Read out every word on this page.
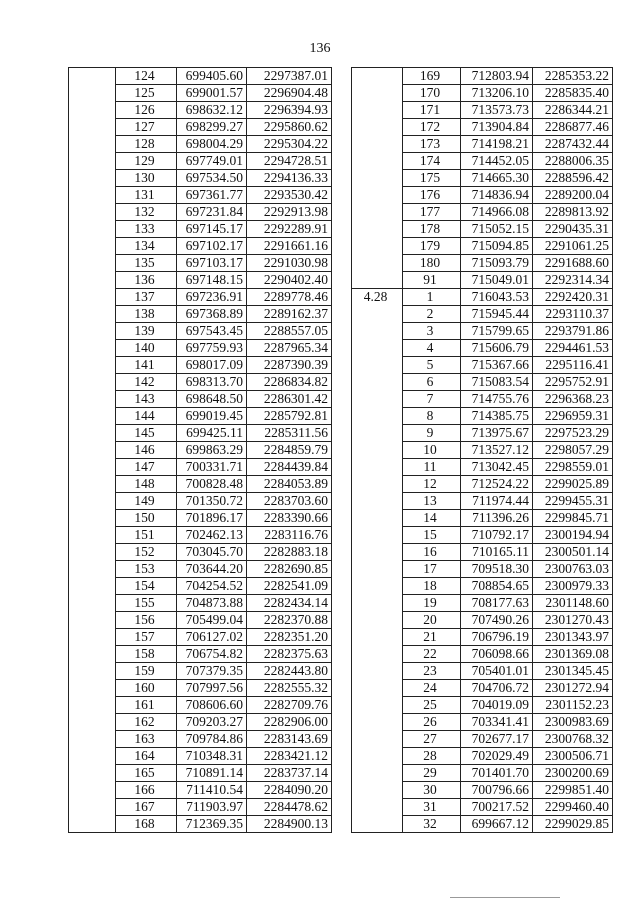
136
	124	699405.60	2297387.01
	125	699001.57	2296904.48
	126	698632.12	2296394.93
	127	698299.27	2295860.62
	128	698004.29	2295304.22
	129	697749.01	2294728.51
	130	697534.50	2294136.33
	131	697361.77	2293530.42
	132	697231.84	2292913.98
	133	697145.17	2292289.91
	134	697102.17	2291661.16
	135	697103.17	2291030.98
	136	697148.15	2290402.40
	137	697236.91	2289778.46
	138	697368.89	2289162.37
	139	697543.45	2288557.05
	140	697759.93	2287965.34
	141	698017.09	2287390.39
	142	698313.70	2286834.82
	143	698648.50	2286301.42
	144	699019.45	2285792.81
	145	699425.11	2285311.56
	146	699863.29	2284859.79
	147	700331.71	2284439.84
	148	700828.48	2284053.89
	149	701350.72	2283703.60
	150	701896.17	2283390.66
	151	702462.13	2283116.76
	152	703045.70	2282883.18
	153	703644.20	2282690.85
	154	704254.52	2282541.09
	155	704873.88	2282434.14
	156	705499.04	2282370.88
	157	706127.02	2282351.20
	158	706754.82	2282375.63
	159	707379.35	2282443.80
	160	707997.56	2282555.32
	161	708606.60	2282709.76
	162	709203.27	2282906.00
	163	709784.86	2283143.69
	164	710348.31	2283421.12
	165	710891.14	2283737.14
	166	711410.54	2284090.20
	167	711903.97	2284478.62
	168	712369.35	2284900.13
	169	712803.94	2285353.22
	170	713206.10	2285835.40
	171	713573.73	2286344.21
	172	713904.84	2286877.46
	173	714198.21	2287432.44
	174	714452.05	2288006.35
	175	714665.30	2288596.42
	176	714836.94	2289200.04
	177	714966.08	2289813.92
	178	715052.15	2290435.31
	179	715094.85	2291061.25
	180	715093.79	2291688.60
	91	715049.01	2292314.34
4.28	1	716043.53	2292420.31
	2	715945.44	2293110.37
	3	715799.65	2293791.86
	4	715606.79	2294461.53
	5	715367.66	2295116.41
	6	715083.54	2295752.91
	7	714755.76	2296368.23
	8	714385.75	2296959.31
	9	713975.67	2297523.29
	10	713527.12	2298057.29
	11	713042.45	2298559.01
	12	712524.22	2299025.89
	13	711974.44	2299455.31
	14	711396.26	2299845.71
	15	710792.17	2300194.94
	16	710165.11	2300501.14
	17	709518.30	2300763.03
	18	708854.65	2300979.33
	19	708177.63	2301148.60
	20	707490.26	2301270.43
	21	706796.19	2301343.97
	22	706098.66	2301369.08
	23	705401.01	2301345.45
	24	704706.72	2301272.94
	25	704019.09	2301152.23
	26	703341.41	2300983.69
	27	702677.17	2300768.32
	28	702029.49	2300506.71
	29	701401.70	2300200.69
	30	700796.66	2299851.40
	31	700217.52	2299460.40
	32	699667.12	2299029.85
